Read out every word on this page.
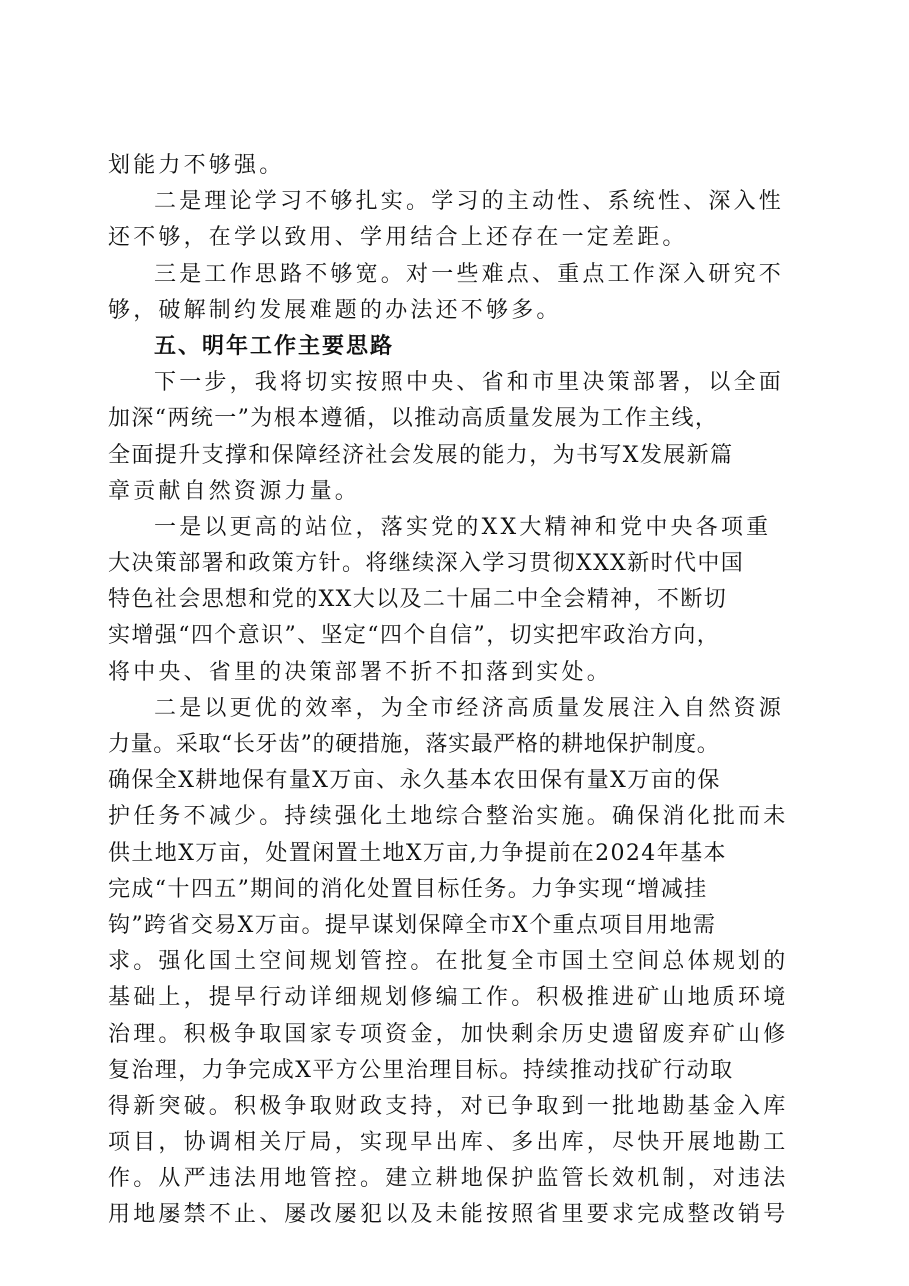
划能力不够强。
二是理论学习不够扎实。学习的主动性、系统性、深入性
还不够，在学以致用、学用结合上还存在一定差距。
三是工作思路不够宽。对一些难点、重点工作深入研究不
够，破解制约发展难题的办法还不够多。
五、明年工作主要思路
下一步，我将切实按照中央、省和市里决策部署，以全面
加深“两统一”为根本遵循，以推动高质量发展为工作主线，
全面提升支撑和保障经济社会发展的能力，为书写X发展新篇
章贡献自然资源力量。
一是以更高的站位，落实党的XX大精神和党中央各项重
大决策部署和政策方针。将继续深入学习贯彻XXX新时代中国
特色社会思想和党的XX大以及二十届二中全会精神，不断切
实增强“四个意识”、坚定“四个自信”，切实把牢政治方向，
将中央、省里的决策部署不折不扣落到实处。
二是以更优的效率，为全市经济高质量发展注入自然资源
力量。采取“长牙齿”的硬措施，落实最严格的耕地保护制度。
确保全X耕地保有量X万亩、永久基本农田保有量X万亩的保
护任务不减少。持续强化土地综合整治实施。确保消化批而未
供土地X万亩，处置闲置土地X万亩,力争提前在2024年基本
完成“十四五”期间的消化处置目标任务。力争实现“增减挂
钩”跨省交易X万亩。提早谋划保障全市X个重点项目用地需
求。强化国土空间规划管控。在批复全市国土空间总体规划的
基础上，提早行动详细规划修编工作。积极推进矿山地质环境
治理。积极争取国家专项资金，加快剩余历史遗留废弃矿山修
复治理，力争完成X平方公里治理目标。持续推动找矿行动取
得新突破。积极争取财政支持，对已争取到一批地勘基金入库
项目，协调相关厅局，实现早出库、多出库，尽快开展地勘工
作。从严违法用地管控。建立耕地保护监管长效机制，对违法
用地屡禁不止、屡改屡犯以及未能按照省里要求完成整改销号
